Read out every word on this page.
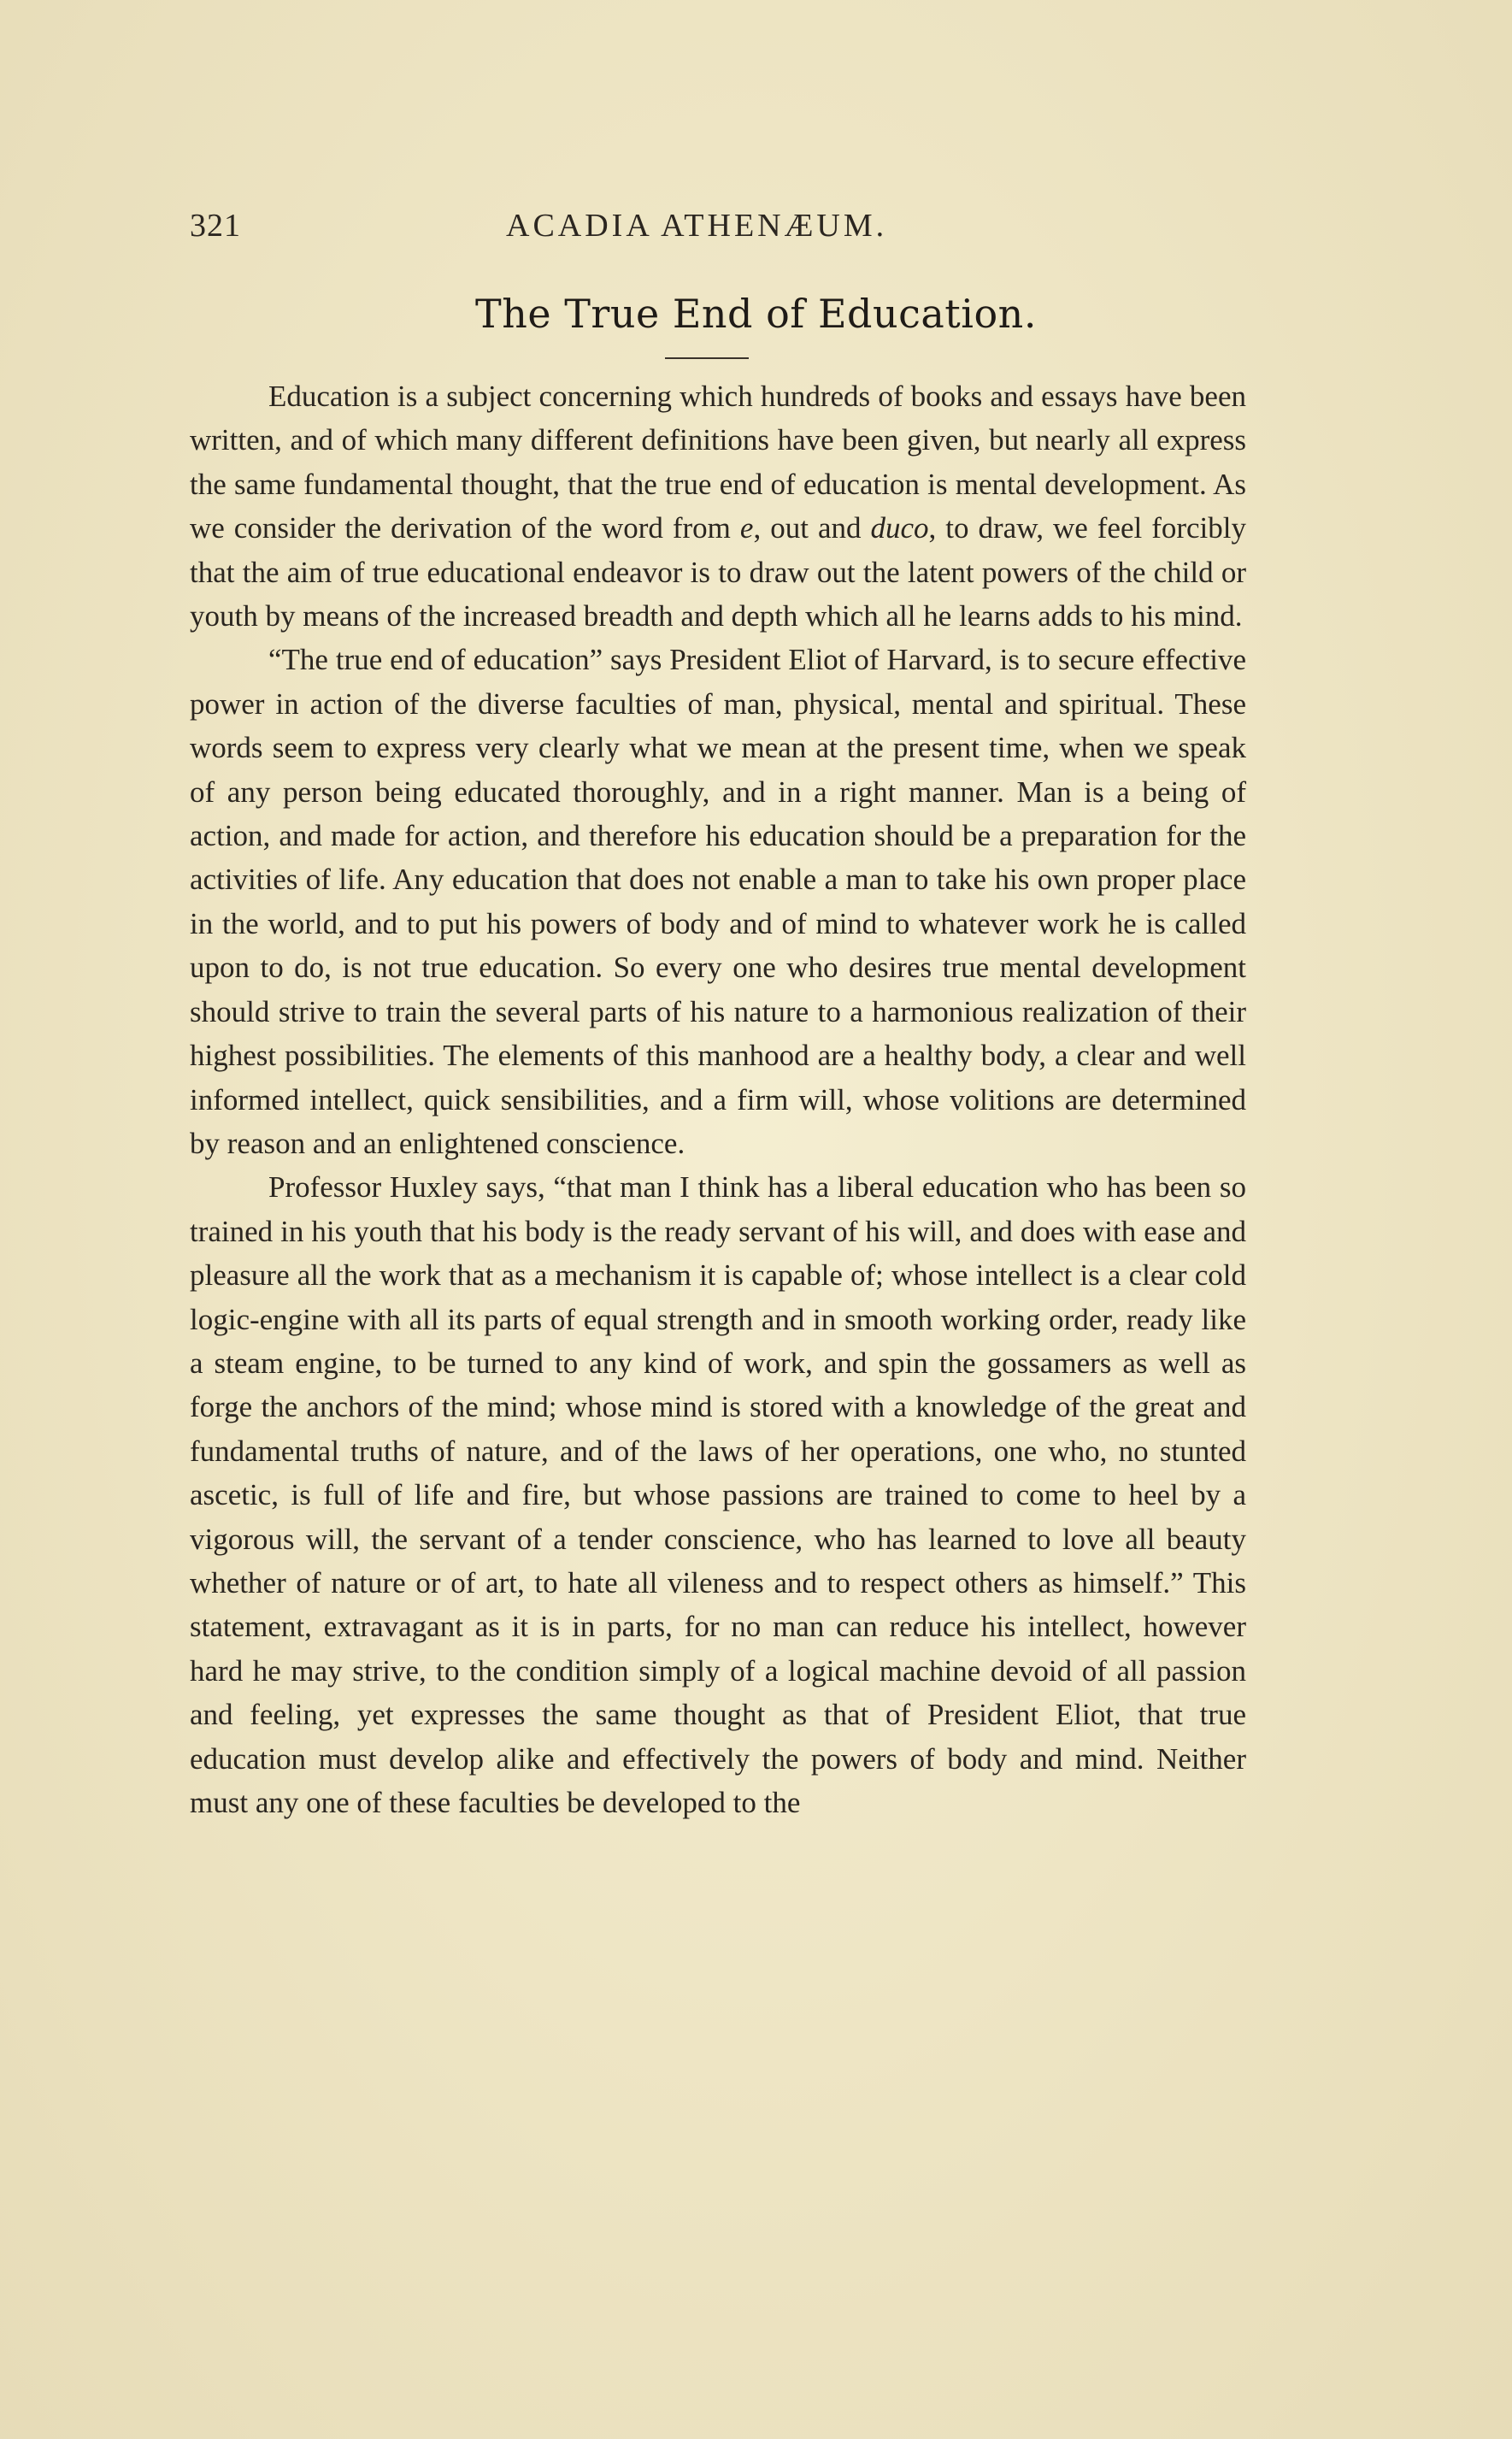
321	ACADIA ATHENÆUM.
The True End of Education.

Education is a subject concerning which hundreds of books and essays have been written, and of which many different definitions have been given, but nearly all express the same fundamental thought, that the true end of education is mental development. As we consider the derivation of the word from e, out and duco, to draw, we feel forcibly that the aim of true educational endeavor is to draw out the latent powers of the child or youth by means of the increased breadth and depth which all he learns adds to his mind.

“The true end of education” says President Eliot of Harvard, is to secure effective power in action of the diverse faculties of man, physical, mental and spiritual. These words seem to express very clearly what we mean at the present time, when we speak of any person being educated thoroughly, and in a right manner. Man is a being of action, and made for action, and therefore his education should be a preparation for the activities of life. Any education that does not enable a man to take his own proper place in the world, and to put his powers of body and of mind to whatever work he is called upon to do, is not true education. So every one who desires true mental development should strive to train the several parts of his nature to a harmonious realization of their highest possibilities. The elements of this manhood are a healthy body, a clear and well informed intellect, quick sensibilities, and a firm will, whose volitions are determined by reason and an enlightened conscience.

Professor Huxley says, “that man I think has a liberal education who has been so trained in his youth that his body is the ready servant of his will, and does with ease and pleasure all the work that as a mechanism it is capable of; whose intellect is a clear cold logic-engine with all its parts of equal strength and in smooth working order, ready like a steam engine, to be turned to any kind of work, and spin the gossamers as well as forge the anchors of the mind; whose mind is stored with a knowledge of the great and fundamental truths of nature, and of the laws of her operations, one who, no stunted ascetic, is full of life and fire, but whose passions are trained to come to heel by a vigorous will, the servant of a tender conscience, who has learned to love all beauty whether of nature or of art, to hate all vileness and to respect others as himself.” This statement, extravagant as it is in parts, for no man can reduce his intellect, however hard he may strive, to the condition simply of a logical machine devoid of all passion and feeling, yet expresses the same thought as that of President Eliot, that true education must develop alike and effectively the powers of body and mind. Neither must any one of these faculties be developed to the
